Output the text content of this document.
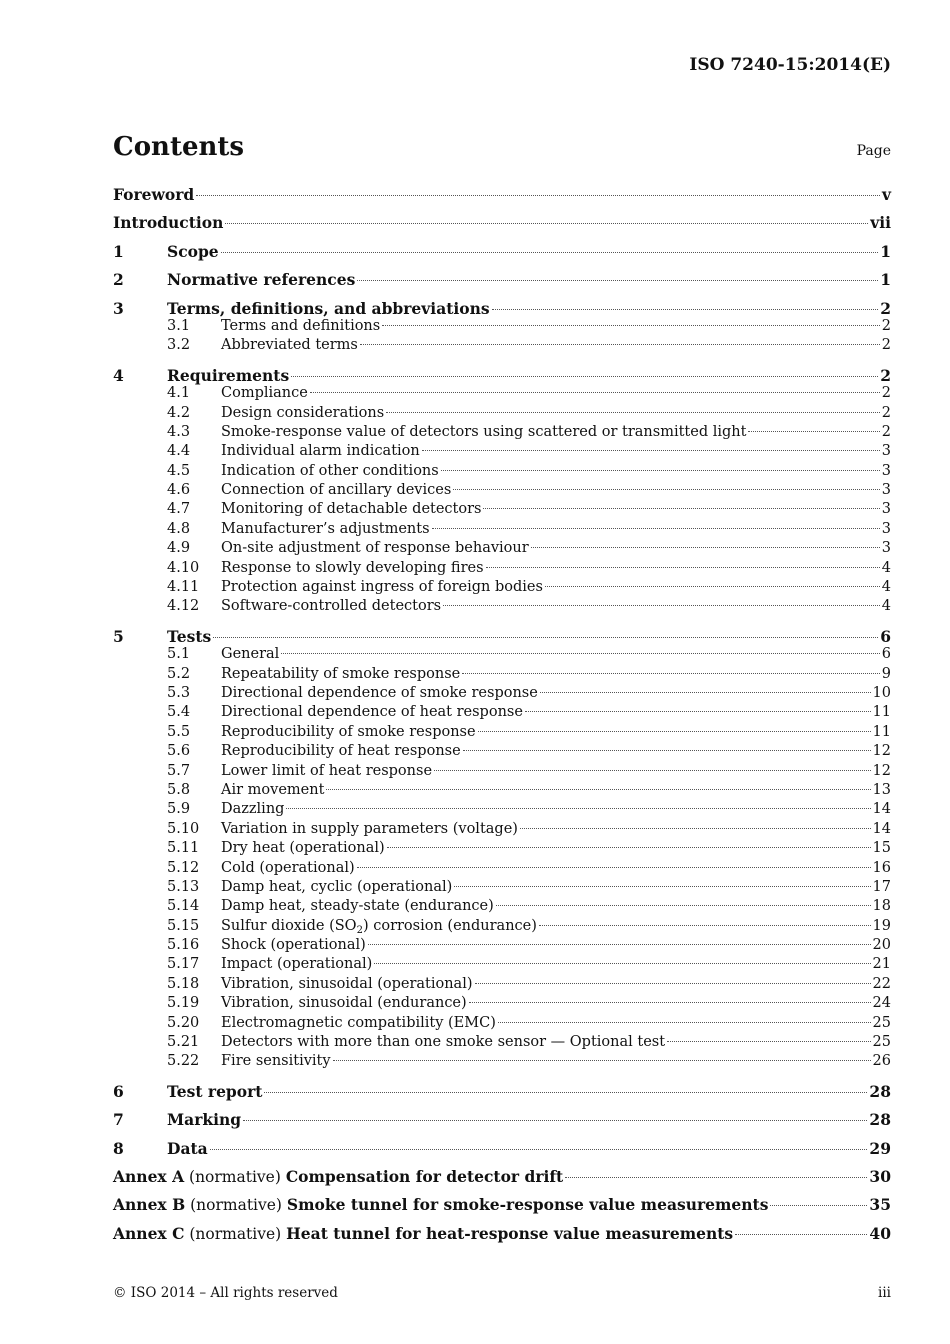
ISO 7240-15:2014(E)
Contents	Page
Foreword	v
Introduction	vii
1	Scope	1
2	Normative references	1
3	Terms, definitions, and abbreviations	2
3.1	Terms and definitions	2
3.2	Abbreviated terms	2
4	Requirements	2
4.1	Compliance	2
4.2	Design considerations	2
4.3	Smoke-response value of detectors using scattered or transmitted light	2
4.4	Individual alarm indication	3
4.5	Indication of other conditions	3
4.6	Connection of ancillary devices	3
4.7	Monitoring of detachable detectors	3
4.8	Manufacturer’s adjustments	3
4.9	On-site adjustment of response behaviour	3
4.10	Response to slowly developing fires	4
4.11	Protection against ingress of foreign bodies	4
4.12	Software-controlled detectors	4
5	Tests	6
5.1	General	6
5.2	Repeatability of smoke response	9
5.3	Directional dependence of smoke response	10
5.4	Directional dependence of heat response	11
5.5	Reproducibility of smoke response	11
5.6	Reproducibility of heat response	12
5.7	Lower limit of heat response	12
5.8	Air movement	13
5.9	Dazzling	14
5.10	Variation in supply parameters (voltage)	14
5.11	Dry heat (operational)	15
5.12	Cold (operational)	16
5.13	Damp heat, cyclic (operational)	17
5.14	Damp heat, steady-state (endurance)	18
5.15	Sulfur dioxide $(SO_2)$ corrosion (endurance)	19
5.16	Shock (operational)	20
5.17	Impact (operational)	21
5.18	Vibration, sinusoidal (operational)	22
5.19	Vibration, sinusoidal (endurance)	24
5.20	Electromagnetic compatibility (EMC)	25
5.21	Detectors with more than one smoke sensor — Optional test	25
5.22	Fire sensitivity	26
6	Test report	28
7	Marking	28
8	Data	29
Annex A (normative) Compensation for detector drift	30
Annex B (normative) Smoke tunnel for smoke-response value measurements	35
Annex C (normative) Heat tunnel for heat-response value measurements	40
© ISO 2014 – All rights reserved	iii
